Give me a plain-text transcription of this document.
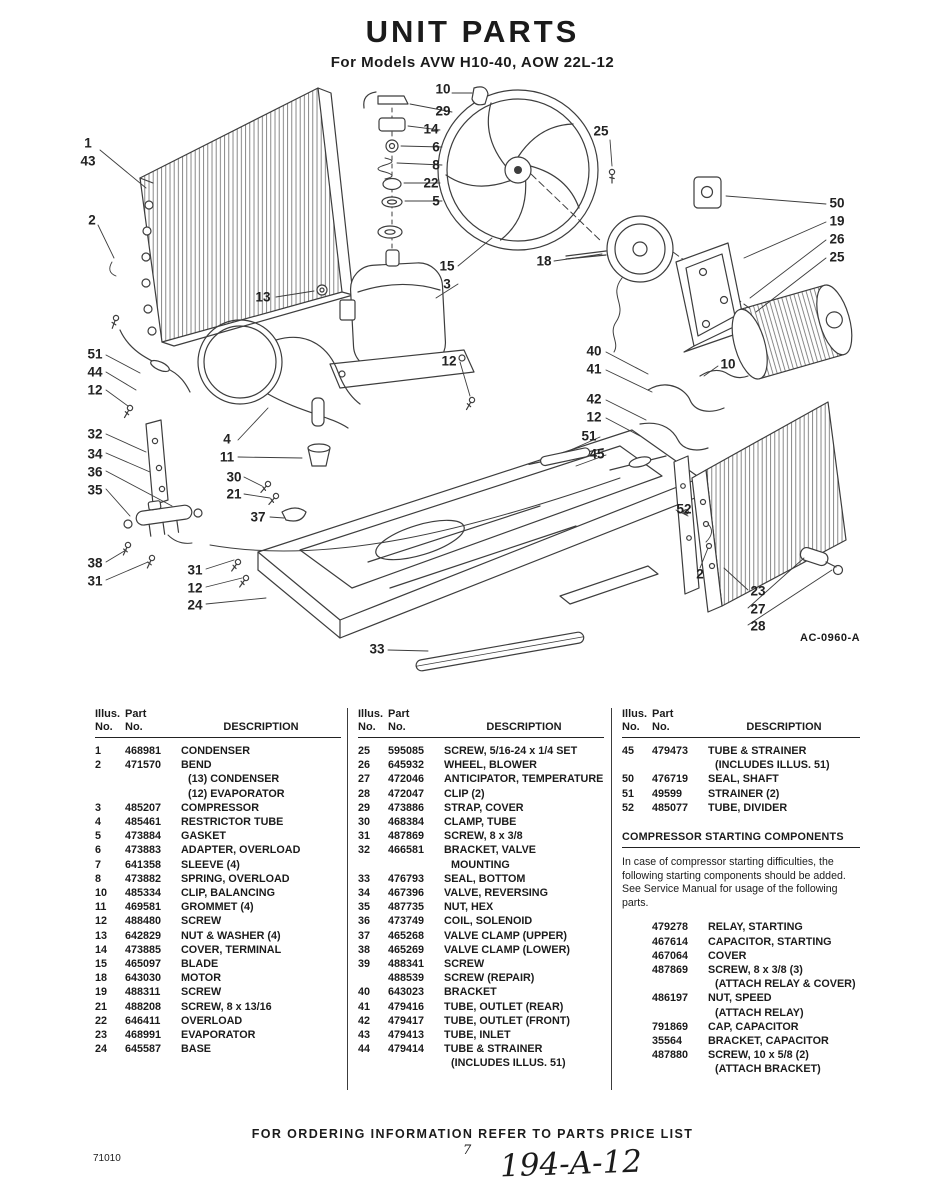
10
29
14
6
8
22
5
25
1
43
2
50
19
26
25
15
3
18
13
51
44
12
40
41
12	10
42
12
51
45
32
34
36
35
4
11
30
21
37
52
38
31
31
12
24
2
23
27
28
33
UNIT PARTS
For Models AVW H10-40, AOW 22L-12
AC-0960-A
Illus. Part
No.	No.	DESCRIPTION
1	468981	CONDENSER
2	471570	BEND
(13) CONDENSER
(12) EVAPORATOR
3	485207	COMPRESSOR
4	485461	RESTRICTOR TUBE
5	473884	GASKET
6	473883	ADAPTER, OVERLOAD
7	641358	SLEEVE (4)
8	473882	SPRING, OVERLOAD
10	485334	CLIP, BALANCING
11	469581	GROMMET (4)
12	488480	SCREW
13	642829	NUT & WASHER (4)
14	473885	COVER, TERMINAL
15	465097	BLADE
18	643030	MOTOR
19	488311	SCREW
21	488208	SCREW, 8 x 13/16
22	646411	OVERLOAD
23	468991	EVAPORATOR
24	645587	BASE
Illus. Part
No.	No.	DESCRIPTION
25	595085	SCREW, 5/16-24 x 1/4 SET
26	645932	WHEEL, BLOWER
27	472046	ANTICIPATOR, TEMPERATURE
28	472047	CLIP (2)
29	473886	STRAP, COVER
30	468384	CLAMP, TUBE
31	487869	SCREW, 8 x 3/8
32	466581	BRACKET, VALVE
MOUNTING
33	476793	SEAL, BOTTOM
34	467396	VALVE, REVERSING
35	487735	NUT, HEX
36	473749	COIL, SOLENOID
37	465268	VALVE CLAMP (UPPER)
38	465269	VALVE CLAMP (LOWER)
39	488341	SCREW
488539	SCREW (REPAIR)
40	643023	BRACKET
41	479416	TUBE, OUTLET (REAR)
42	479417	TUBE, OUTLET (FRONT)
43	479413	TUBE, INLET
44	479414	TUBE & STRAINER
(INCLUDES ILLUS. 51)
Illus. Part
No.	No.	DESCRIPTION
45	479473	TUBE & STRAINER
(INCLUDES ILLUS. 51)
50	476719	SEAL, SHAFT
51	49599	STRAINER (2)
52	485077	TUBE, DIVIDER
COMPRESSOR STARTING COMPONENTS

In case of compressor starting difficulties, the following starting components should be added. See Service Manual for usage of the following parts.

479278	RELAY, STARTING
467614	CAPACITOR, STARTING
467064	COVER
487869	SCREW, 8 x 3/8 (3)
(ATTACH RELAY & COVER)
486197	NUT, SPEED
(ATTACH RELAY)
791869	CAP, CAPACITOR
35564	BRACKET, CAPACITOR
487880	SCREW, 10 x 5/8 (2)
(ATTACH BRACKET)
FOR ORDERING INFORMATION REFER TO PARTS PRICE LIST
71010
7 194-A-12
